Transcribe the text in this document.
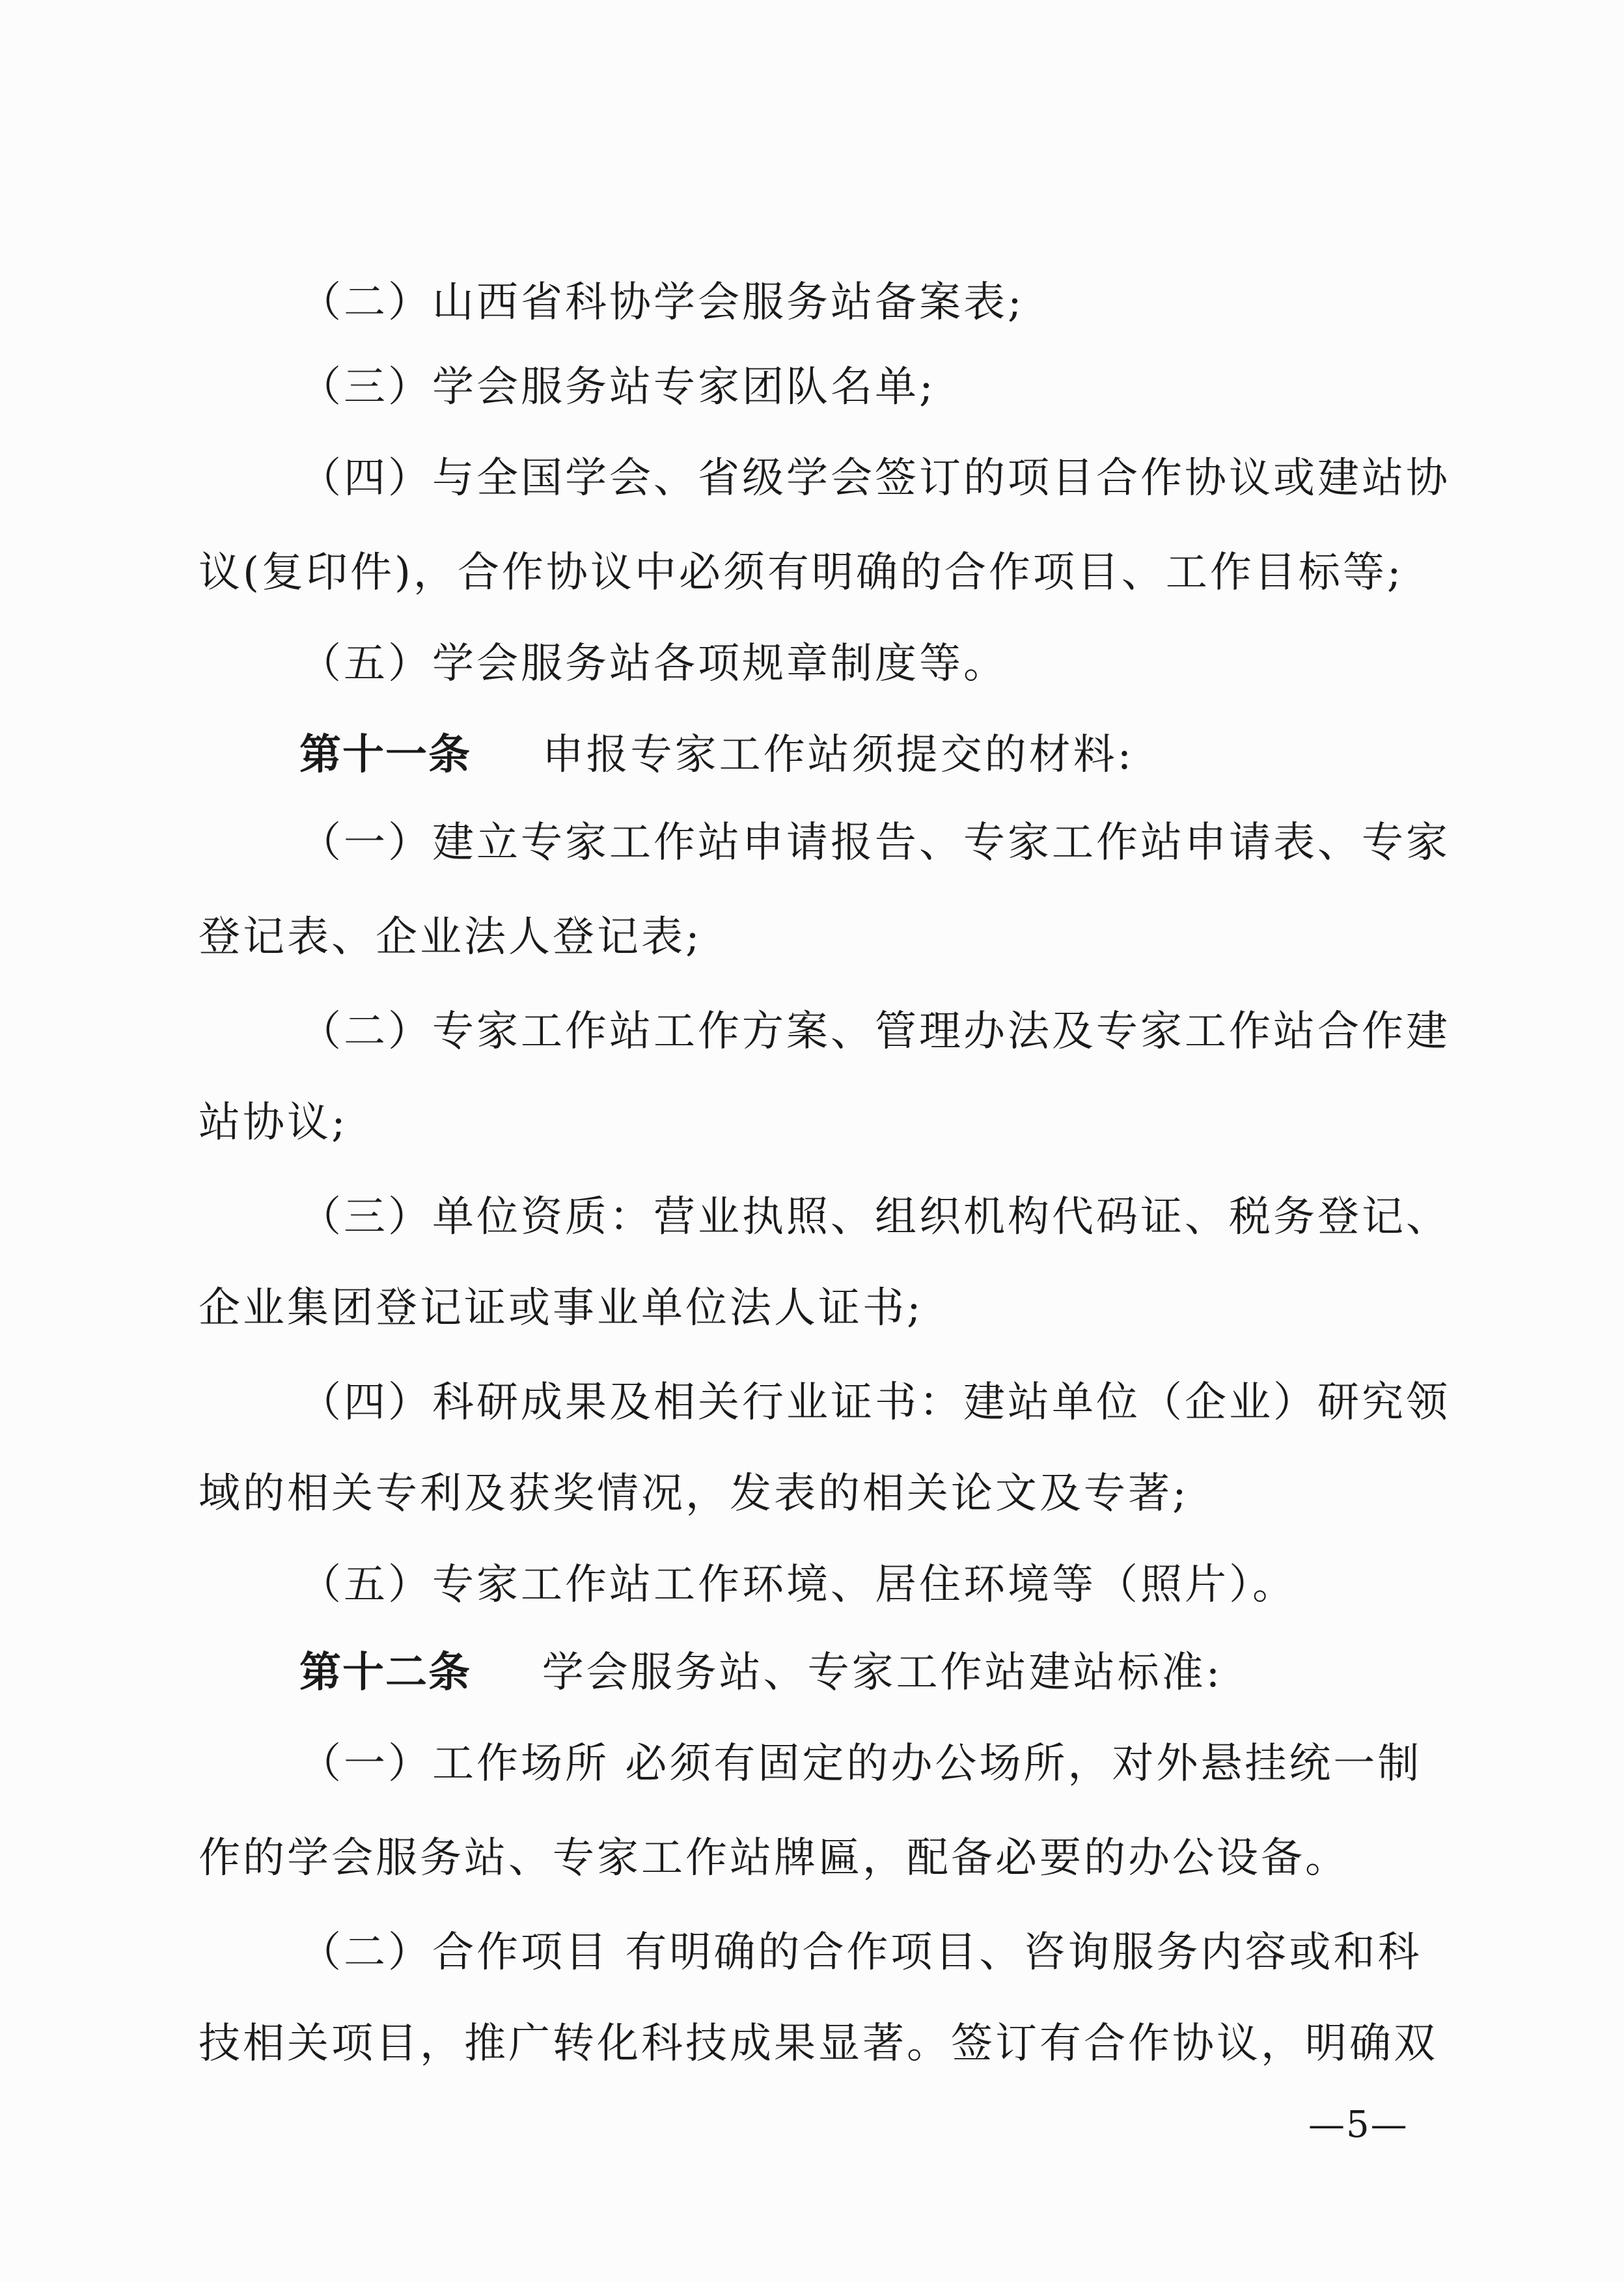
（二）山西省科协学会服务站备案表;
（三）学会服务站专家团队名单;
（四）与全国学会、省级学会签订的项目合作协议或建站协
议(复印件)，合作协议中必须有明确的合作项目、工作目标等;
（五）学会服务站各项规章制度等。
第十一条 申报专家工作站须提交的材料:
（一）建立专家工作站申请报告、专家工作站申请表、专家
登记表、企业法人登记表;
（二）专家工作站工作方案、管理办法及专家工作站合作建
站协议;
（三）单位资质：营业执照、组织机构代码证、税务登记、
企业集团登记证或事业单位法人证书;
（四）科研成果及相关行业证书：建站单位（企业）研究领
域的相关专利及获奖情况，发表的相关论文及专著;
（五）专家工作站工作环境、居住环境等（照片）。
第十二条 学会服务站、专家工作站建站标准:
（一）工作场所 必须有固定的办公场所，对外悬挂统一制
作的学会服务站、专家工作站牌匾，配备必要的办公设备。
（二）合作项目 有明确的合作项目、咨询服务内容或和科
技相关项目，推广转化科技成果显著。签订有合作协议，明确双
—5—
